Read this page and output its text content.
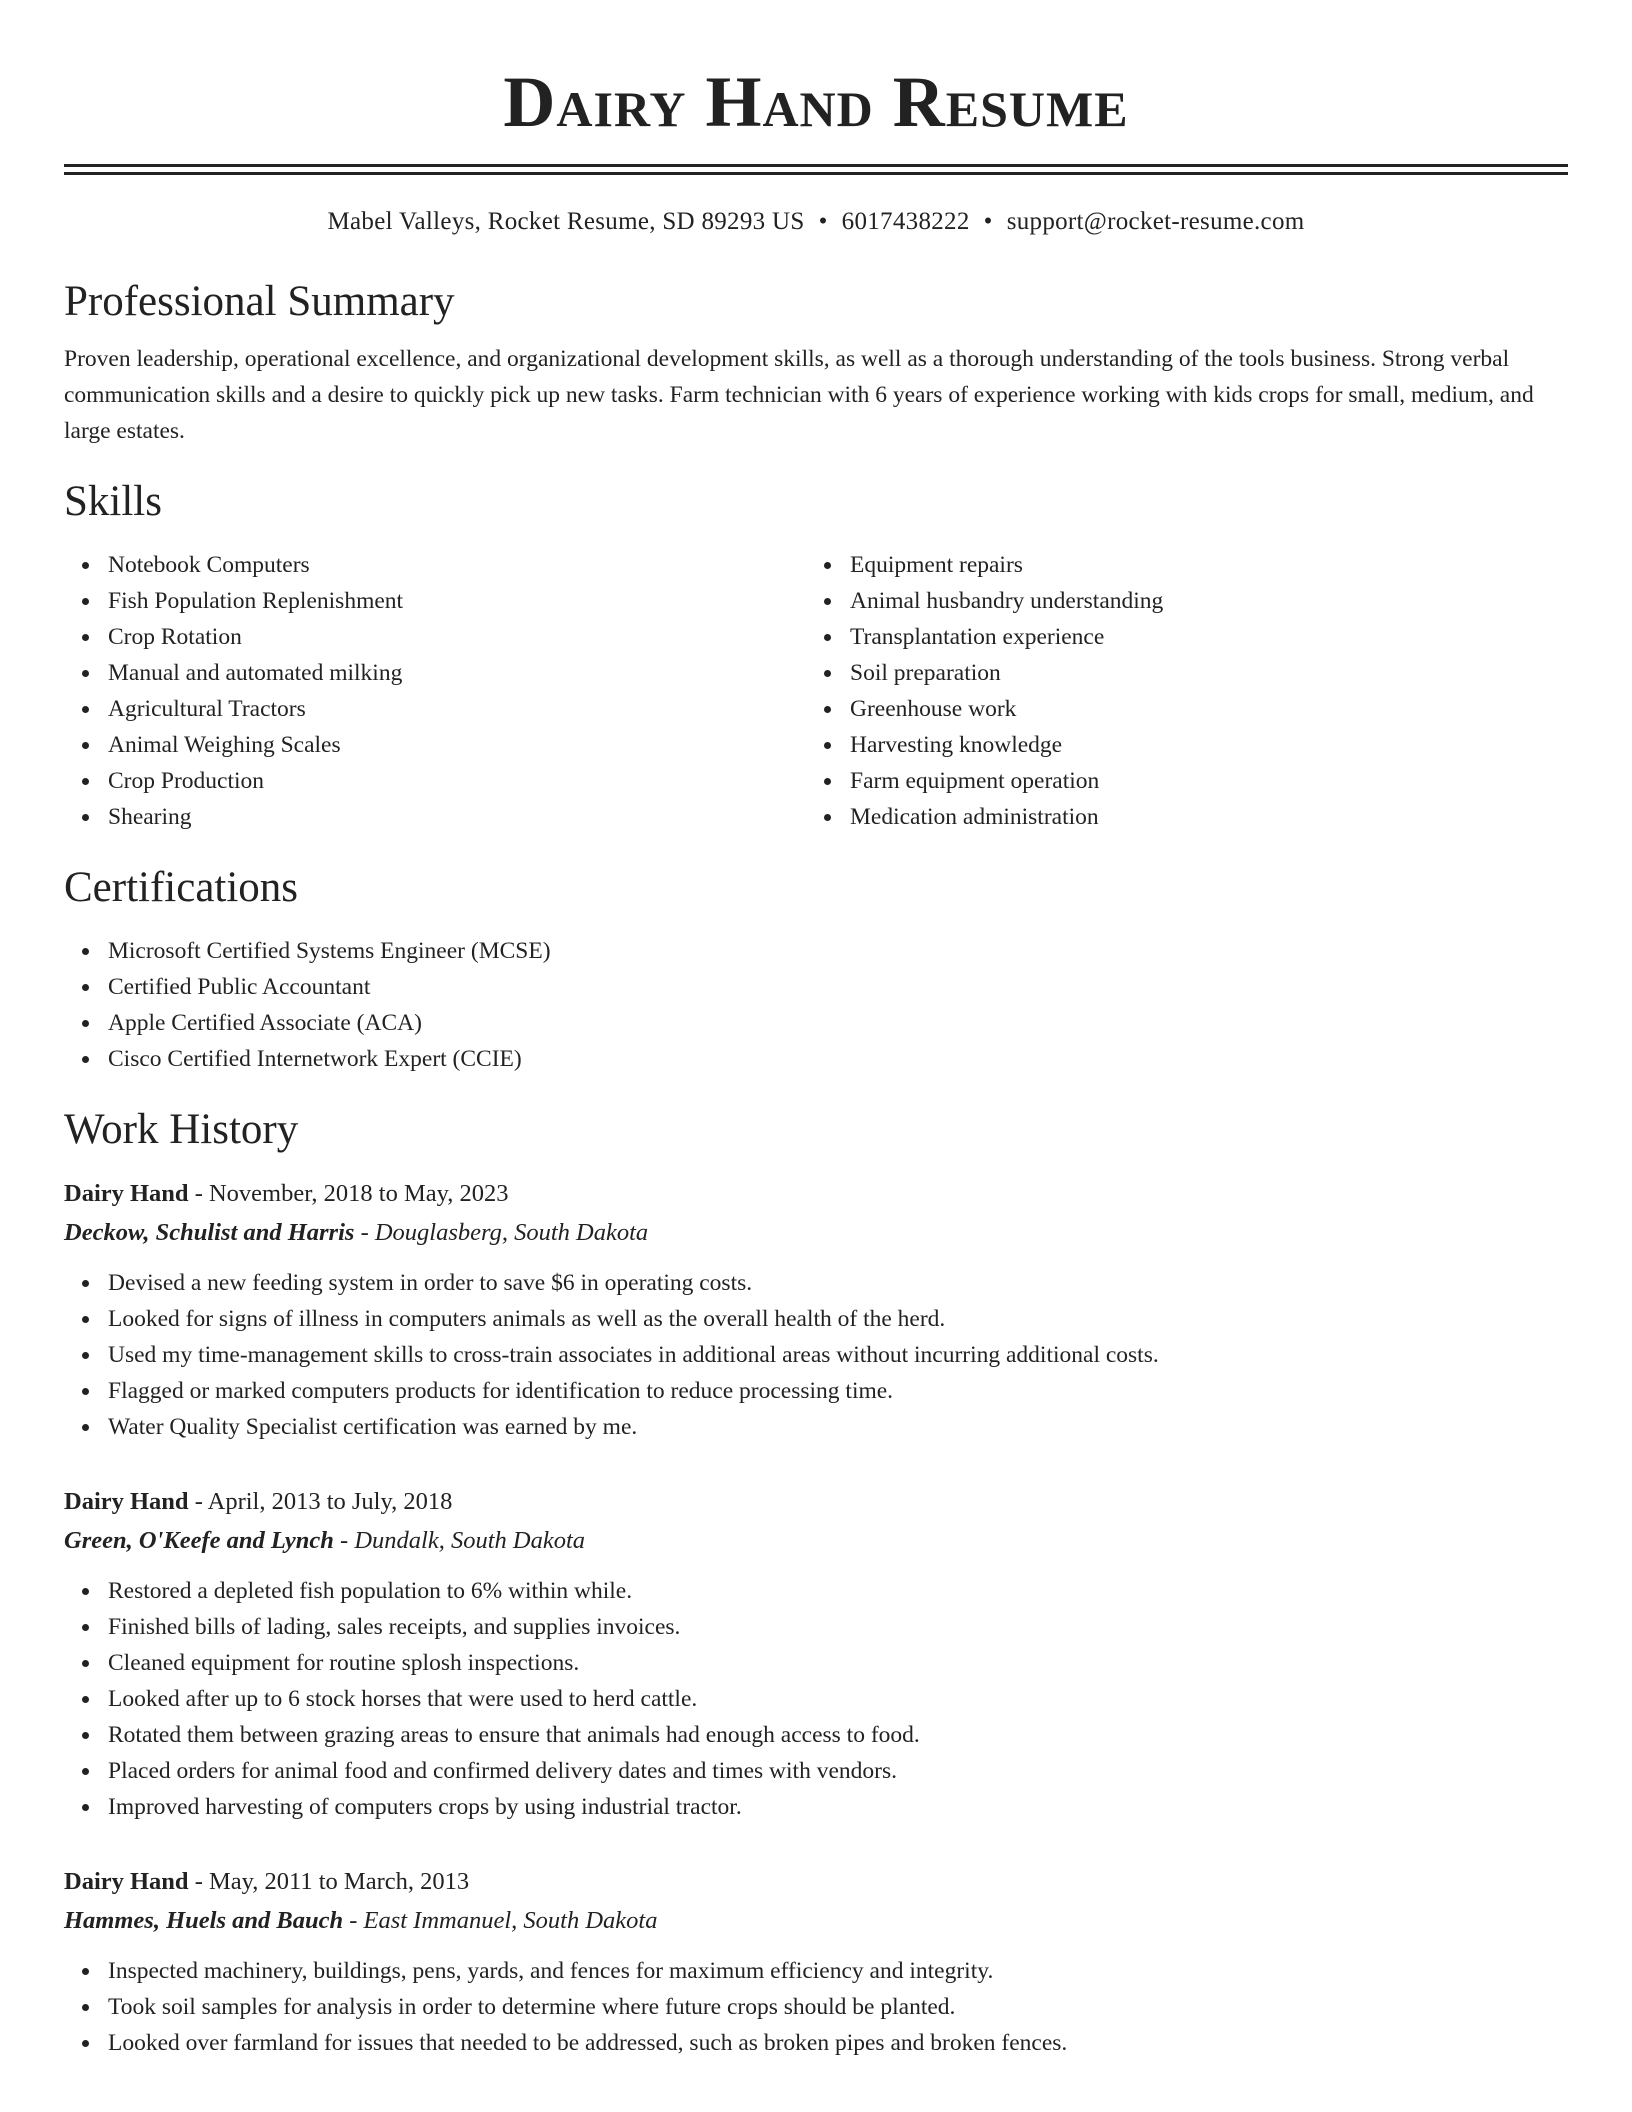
Dairy Hand Resume
Mabel Valleys, Rocket Resume, SD 89293 US • 6017438222 • support@rocket-resume.com
Professional Summary
Proven leadership, operational excellence, and organizational development skills, as well as a thorough understanding of the tools business. Strong verbal communication skills and a desire to quickly pick up new tasks. Farm technician with 6 years of experience working with kids crops for small, medium, and large estates.
Skills
Notebook Computers
Fish Population Replenishment
Crop Rotation
Manual and automated milking
Agricultural Tractors
Animal Weighing Scales
Crop Production
Shearing
Equipment repairs
Animal husbandry understanding
Transplantation experience
Soil preparation
Greenhouse work
Harvesting knowledge
Farm equipment operation
Medication administration
Certifications
Microsoft Certified Systems Engineer (MCSE)
Certified Public Accountant
Apple Certified Associate (ACA)
Cisco Certified Internetwork Expert (CCIE)
Work History
Dairy Hand - November, 2018 to May, 2023
Deckow, Schulist and Harris - Douglasberg, South Dakota
Devised a new feeding system in order to save $6 in operating costs.
Looked for signs of illness in computers animals as well as the overall health of the herd.
Used my time-management skills to cross-train associates in additional areas without incurring additional costs.
Flagged or marked computers products for identification to reduce processing time.
Water Quality Specialist certification was earned by me.
Dairy Hand - April, 2013 to July, 2018
Green, O'Keefe and Lynch - Dundalk, South Dakota
Restored a depleted fish population to 6% within while.
Finished bills of lading, sales receipts, and supplies invoices.
Cleaned equipment for routine splosh inspections.
Looked after up to 6 stock horses that were used to herd cattle.
Rotated them between grazing areas to ensure that animals had enough access to food.
Placed orders for animal food and confirmed delivery dates and times with vendors.
Improved harvesting of computers crops by using industrial tractor.
Dairy Hand - May, 2011 to March, 2013
Hammes, Huels and Bauch - East Immanuel, South Dakota
Inspected machinery, buildings, pens, yards, and fences for maximum efficiency and integrity.
Took soil samples for analysis in order to determine where future crops should be planted.
Looked over farmland for issues that needed to be addressed, such as broken pipes and broken fences.
